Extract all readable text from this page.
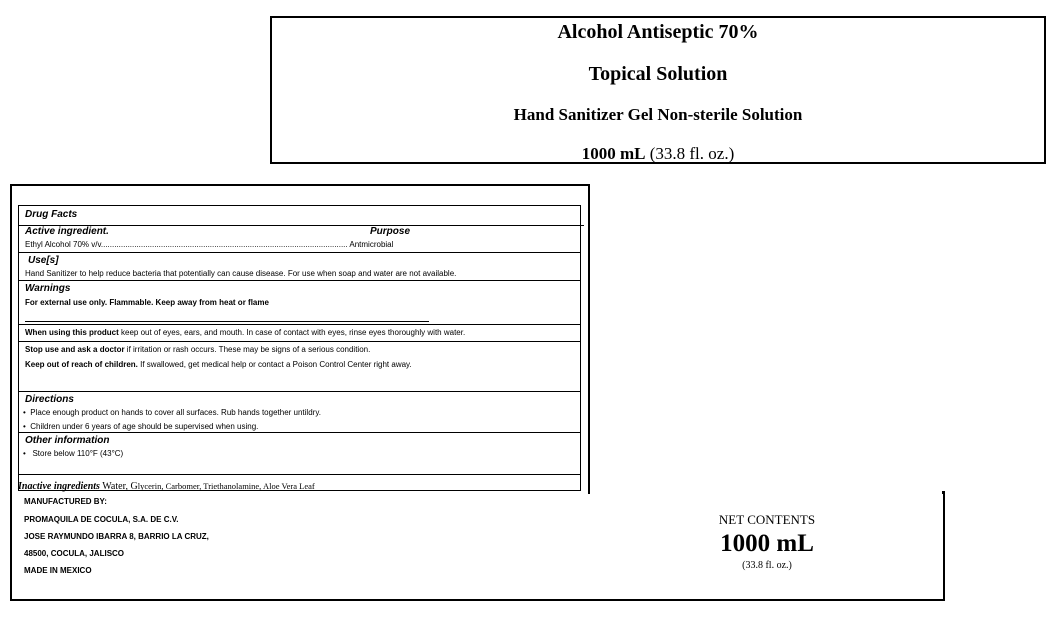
Alcohol Antiseptic 70%
Topical Solution
Hand Sanitizer Gel Non-sterile Solution
1000 mL (33.8 fl. oz.)
Drug Facts
Active ingredient.	Purpose
Ethyl Alcohol 70% v/v............................................................................................................... Antmicrobial
Use[s]
Hand Sanitizer to help reduce bacteria that potentially can cause disease. For use when soap and water are not available.
Warnings
For external use only. Flammable. Keep away from heat or flame
When using this product keep out of eyes, ears, and mouth. In case of contact with eyes, rinse eyes thoroughly with water.
Stop use and ask a doctor if irritation or rash occurs. These may be signs of a serious condition.
Keep out of reach of children. If swallowed, get medical help or contact a Poison Control Center right away.
Directions
•  Place enough product on hands to cover all surfaces. Rub hands together untildry.
•  Children under 6 years of age should be supervised when using.
Other information
•   Store below 110°F (43°C)
Inactive ingredients Water, Glycerin, Carbomer, Triethanolamine, Aloe Vera Leaf
MANUFACTURED BY:
PROMAQUILA DE COCULA, S.A. DE C.V.
JOSE RAYMUNDO IBARRA 8, BARRIO LA CRUZ,
48500, COCULA, JALISCO
MADE IN MEXICO
NET CONTENTS
1000 mL
(33.8 fl. oz.)
